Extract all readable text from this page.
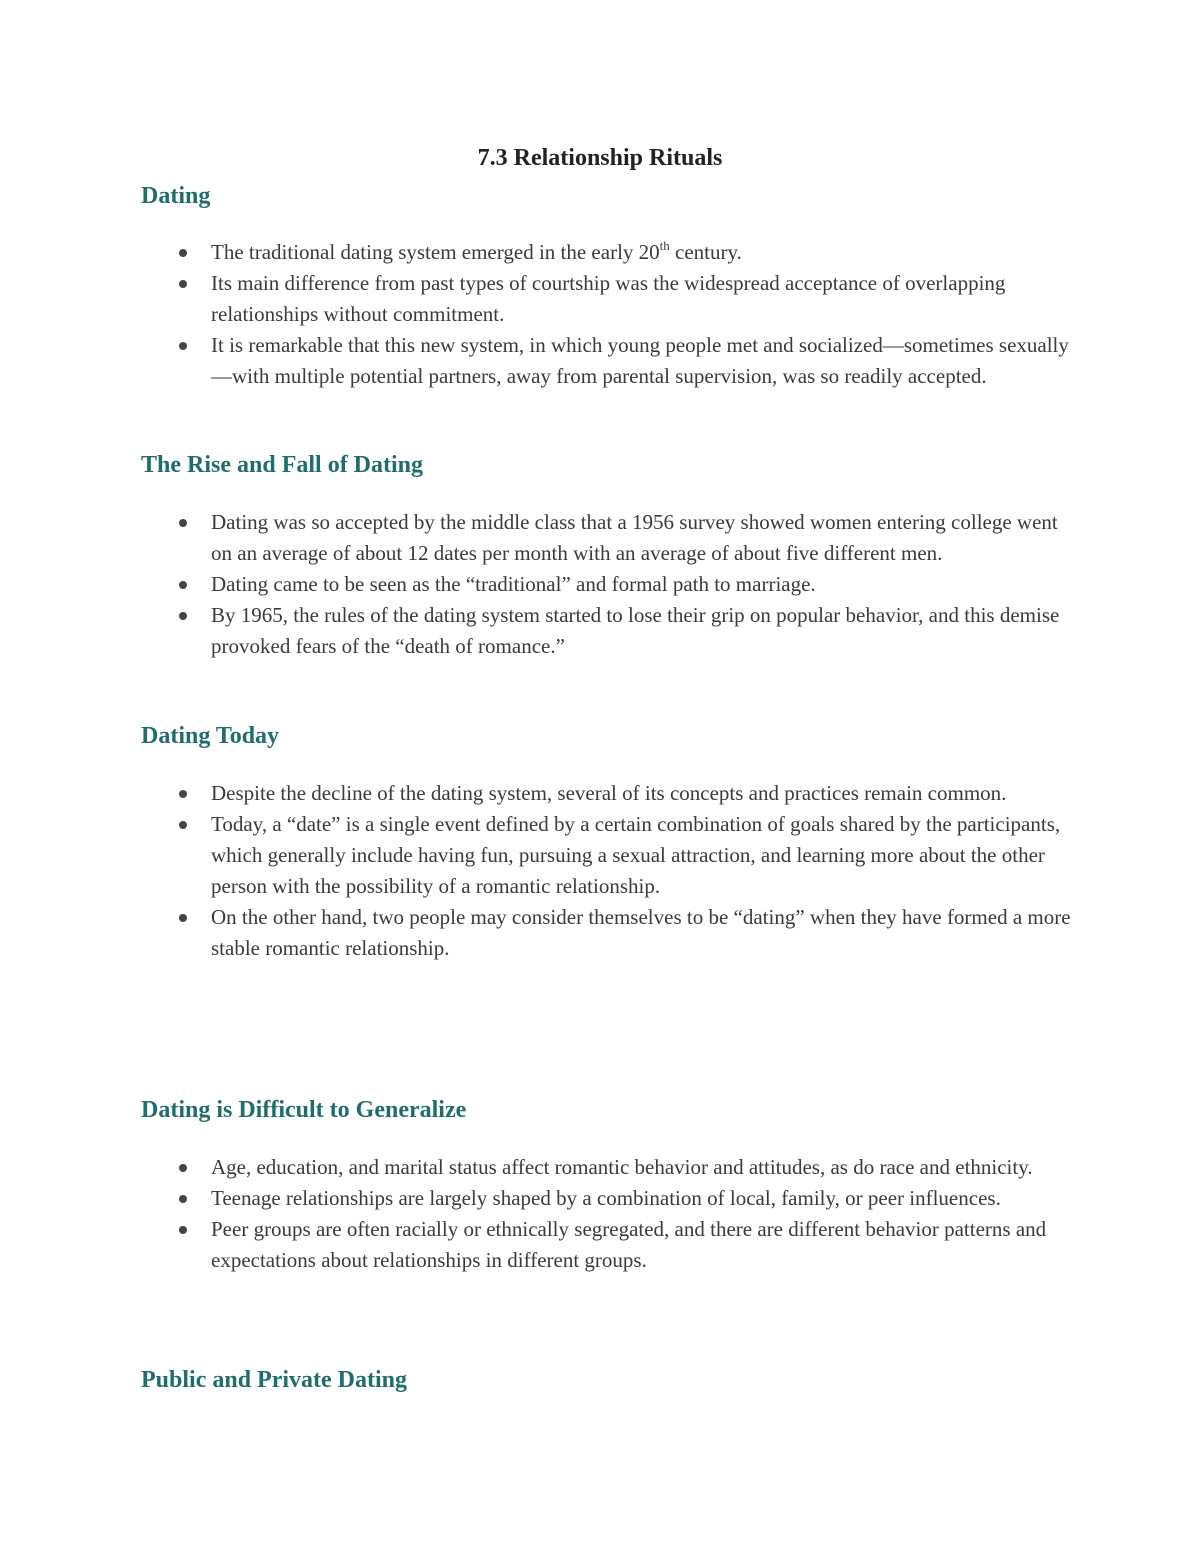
7.3 Relationship Rituals
Dating
The traditional dating system emerged in the early 20th century.
Its main difference from past types of courtship was the widespread acceptance of overlapping relationships without commitment.
It is remarkable that this new system, in which young people met and socialized—sometimes sexually—with multiple potential partners, away from parental supervision, was so readily accepted.
The Rise and Fall of Dating
Dating was so accepted by the middle class that a 1956 survey showed women entering college went on an average of about 12 dates per month with an average of about five different men.
Dating came to be seen as the “traditional” and formal path to marriage.
By 1965, the rules of the dating system started to lose their grip on popular behavior, and this demise provoked fears of the “death of romance.”
Dating Today
Despite the decline of the dating system, several of its concepts and practices remain common.
Today, a “date” is a single event defined by a certain combination of goals shared by the participants, which generally include having fun, pursuing a sexual attraction, and learning more about the other person with the possibility of a romantic relationship.
On the other hand, two people may consider themselves to be “dating” when they have formed a more stable romantic relationship.
Dating is Difficult to Generalize
Age, education, and marital status affect romantic behavior and attitudes, as do race and ethnicity.
Teenage relationships are largely shaped by a combination of local, family, or peer influences.
Peer groups are often racially or ethnically segregated, and there are different behavior patterns and expectations about relationships in different groups.
Public and Private Dating
